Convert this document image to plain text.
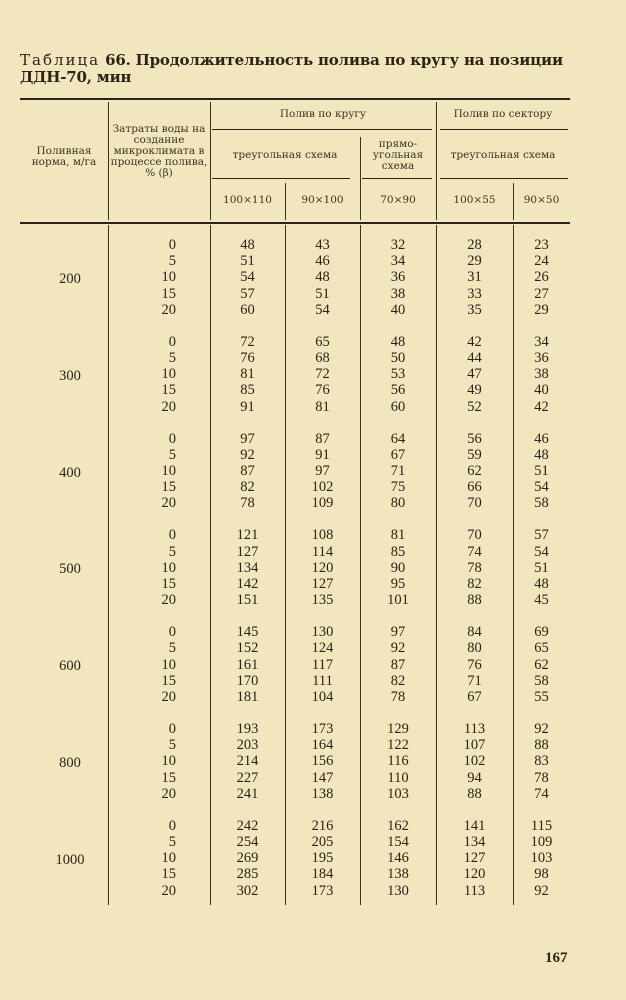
Таблица 66. Продолжительность полива по кругу на позиции ДДН-70, мин
Поливная норма, м/га
Затраты воды на создание микроклимата в процессе полива, % (β)
Полив по кругу	Полив по сектору
треугольная схема
прямо-угольная схема
треугольная схема
100×110	90×100	70×90	100×55	90×50
200
0	48	43	32	28	23
5	51	46	34	29	24
10	54	48	36	31	26
15	57	51	38	33	27
20	60	54	40	35	29
300
0	72	65	48	42	34
5	76	68	50	44	36
10	81	72	53	47	38
15	85	76	56	49	40
20	91	81	60	52	42
400
0	97	87	64	56	46
5	92	91	67	59	48
10	87	97	71	62	51
15	82	102	75	66	54
20	78	109	80	70	58
500
0	121	108	81	70	57
5	127	114	85	74	54
10	134	120	90	78	51
15	142	127	95	82	48
20	151	135	101	88	45
600
0	145	130	97	84	69
5	152	124	92	80	65
10	161	117	87	76	62
15	170	111	82	71	58
20	181	104	78	67	55
800
0	193	173	129	113	92
5	203	164	122	107	88
10	214	156	116	102	83
15	227	147	110	94	78
20	241	138	103	88	74
1000
0	242	216	162	141	115
5	254	205	154	134	109
10	269	195	146	127	103
15	285	184	138	120	98
20	302	173	130	113	92
167
